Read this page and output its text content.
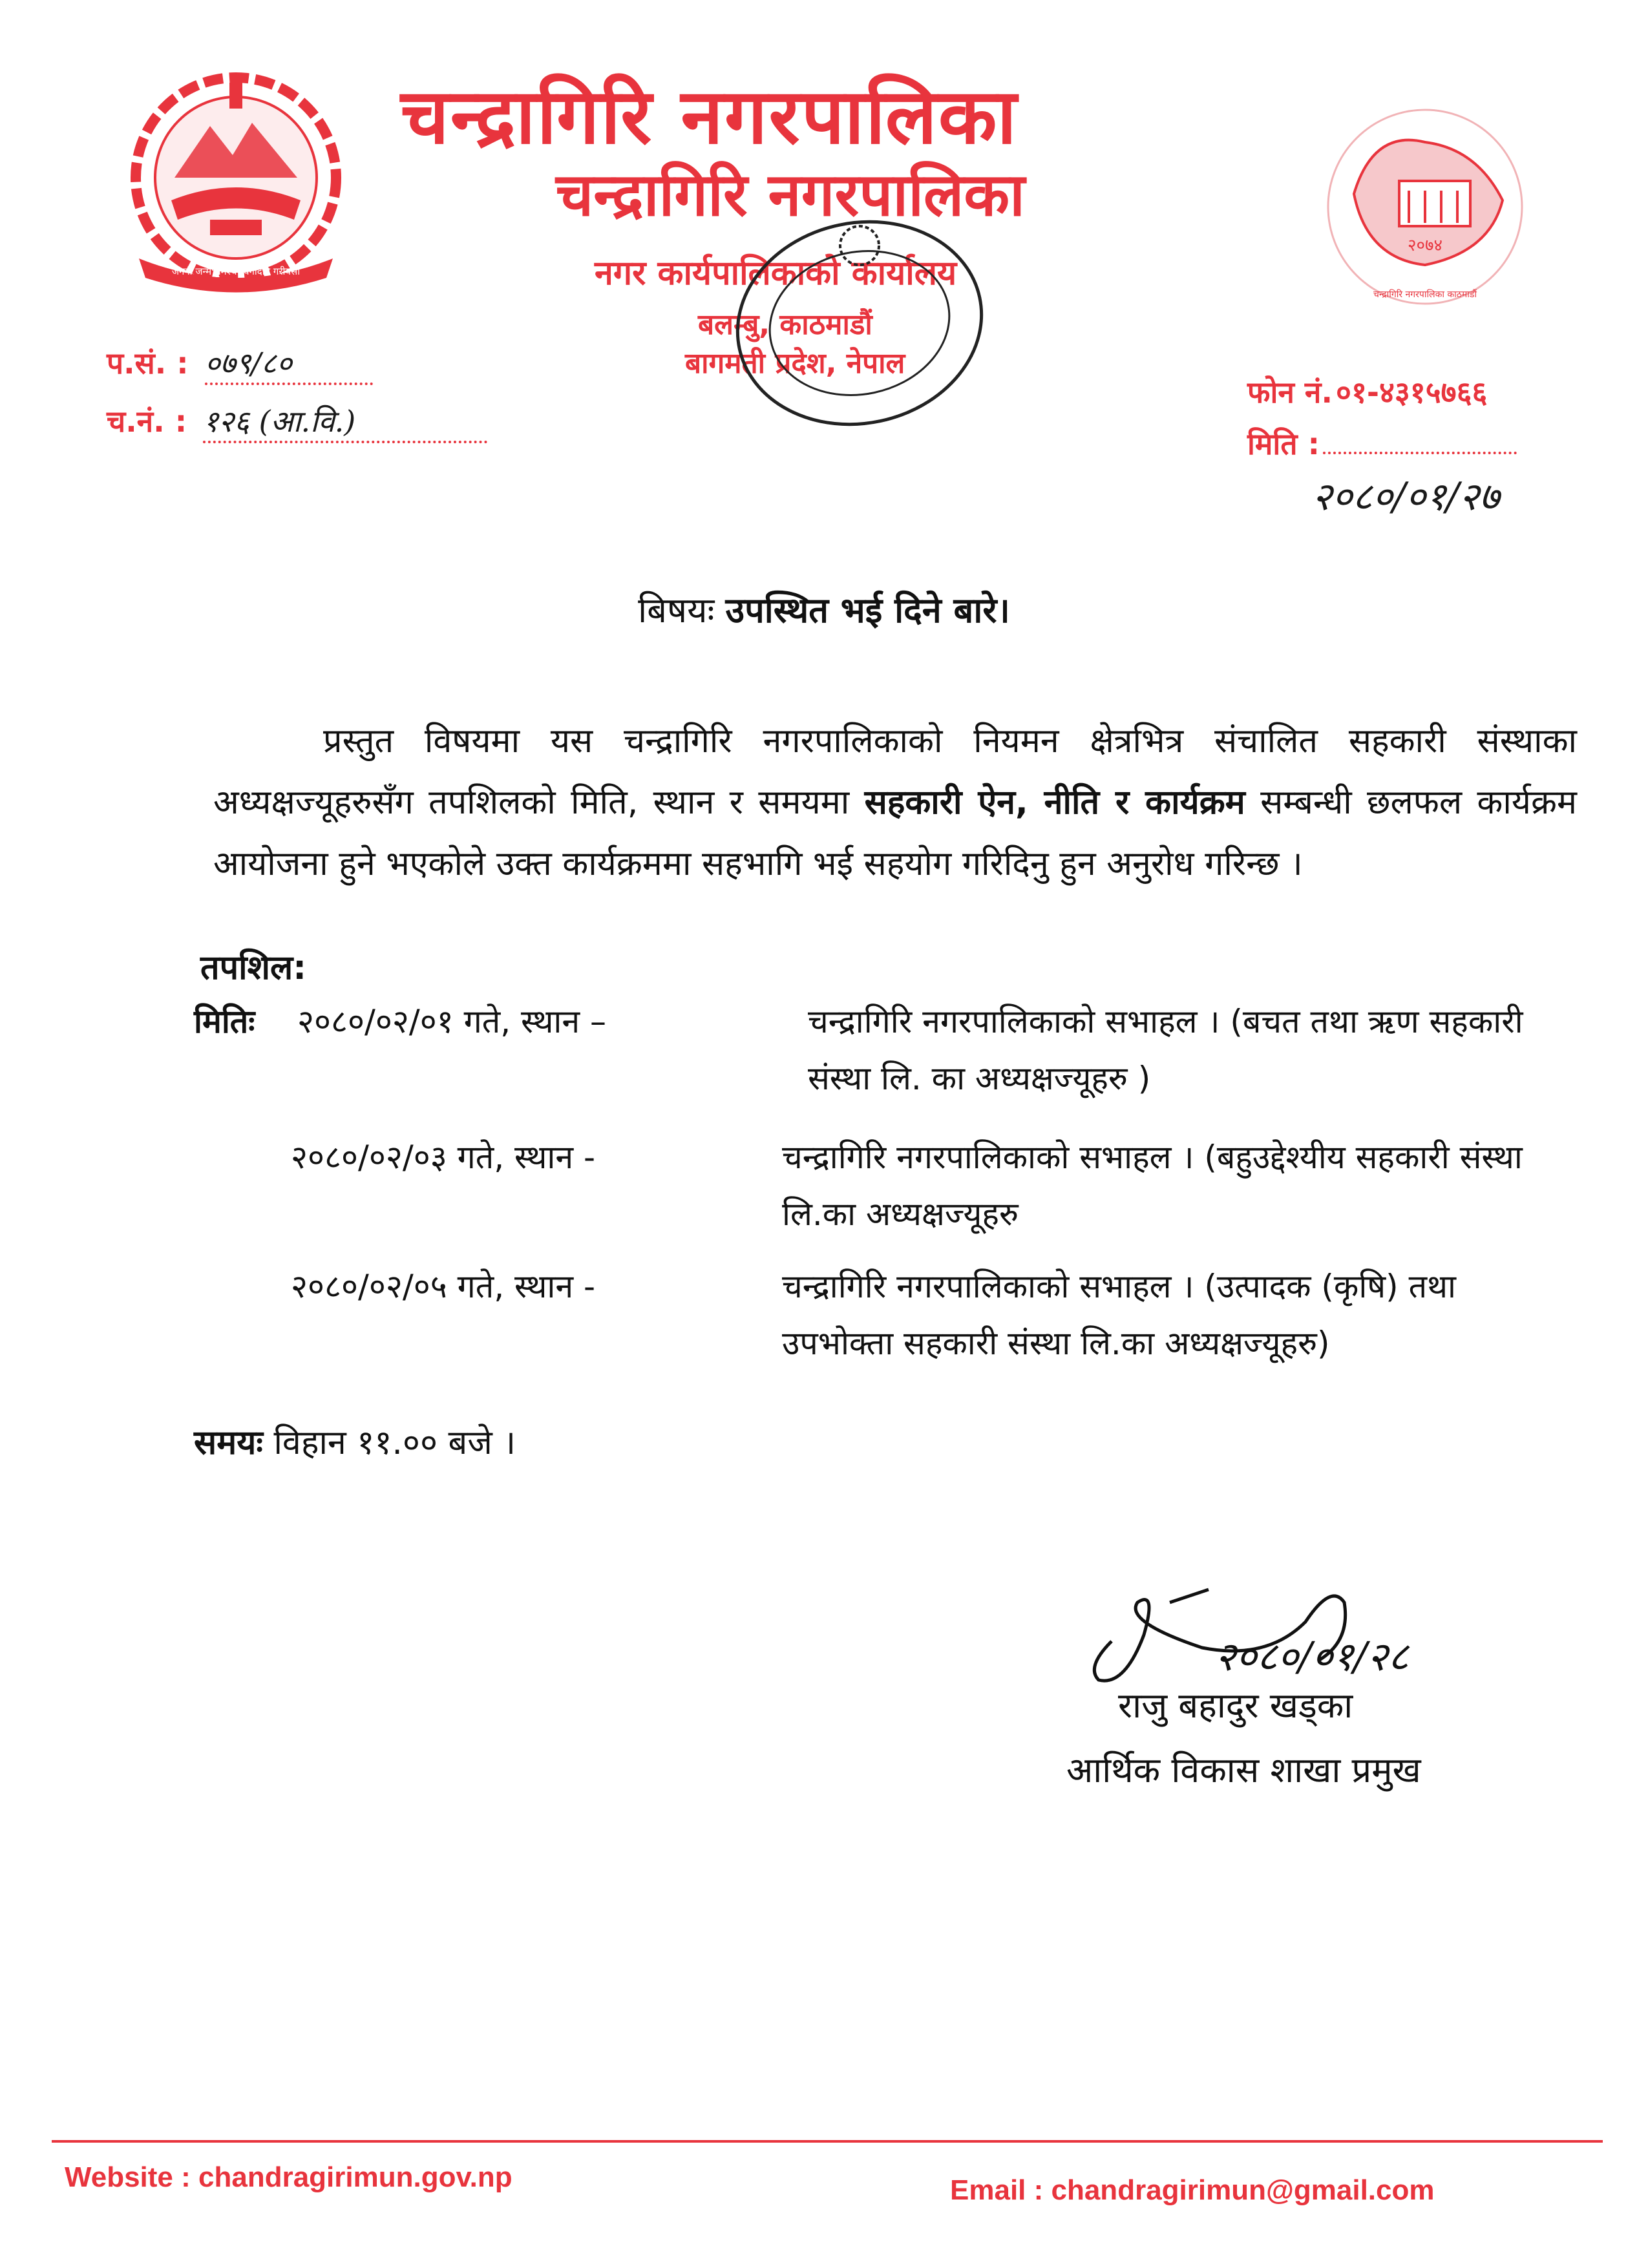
जननी जन्मभूमिश्च स्वर्गादपि गरीयसी
चन्द्रागिरि नगरपालिका
चन्द्रागिरि नगरपालिका
नगर कार्यपालिकाको कार्यालय
बलम्बु, काठमाडौं
बागमती प्रदेश, नेपाल
२०७४
चन्द्रागिरि नगरपालिका काठमाडौं
प.सं. : ०७९/८०
च.नं. : १२६ (आ.वि.)
फोन नं. ०१-४३१५७६६
मिति :
२०८०/०१/२७
बिषयः उपस्थित भई दिने बारे।
प्रस्तुत विषयमा यस चन्द्रागिरि नगरपालिकाको नियमन क्षेत्रभित्र संचालित सहकारी संस्थाका अध्यक्षज्यूहरुसँग तपशिलको मिति, स्थान र समयमा सहकारी ऐन, नीति र कार्यक्रम सम्बन्धी छलफल कार्यक्रम आयोजना हुने भएकोले उक्त कार्यक्रममा सहभागि भई सहयोग गरिदिनु हुन अनुरोध गरिन्छ ।
तपशिल:
मितिः २०८०/०२/०१ गते, स्थान –	चन्द्रागिरि नगरपालिकाको सभाहल । (बचत तथा ऋण सहकारी संस्था लि. का अध्यक्षज्यूहरु )
२०८०/०२/०३ गते, स्थान -	चन्द्रागिरि नगरपालिकाको सभाहल । (बहुउद्देश्यीय सहकारी संस्था लि.का अध्यक्षज्यूहरु
२०८०/०२/०५ गते, स्थान -	चन्द्रागिरि नगरपालिकाको सभाहल । (उत्पादक (कृषि) तथा उपभोक्ता सहकारी संस्था लि.का अध्यक्षज्यूहरु)
समयः विहान ११.०० बजे ।
२०८०/०१/२८
राजु बहादुर खड्का
आर्थिक विकास शाखा प्रमुख
Website : chandragirimun.gov.np	Email : chandragirimun@gmail.com
